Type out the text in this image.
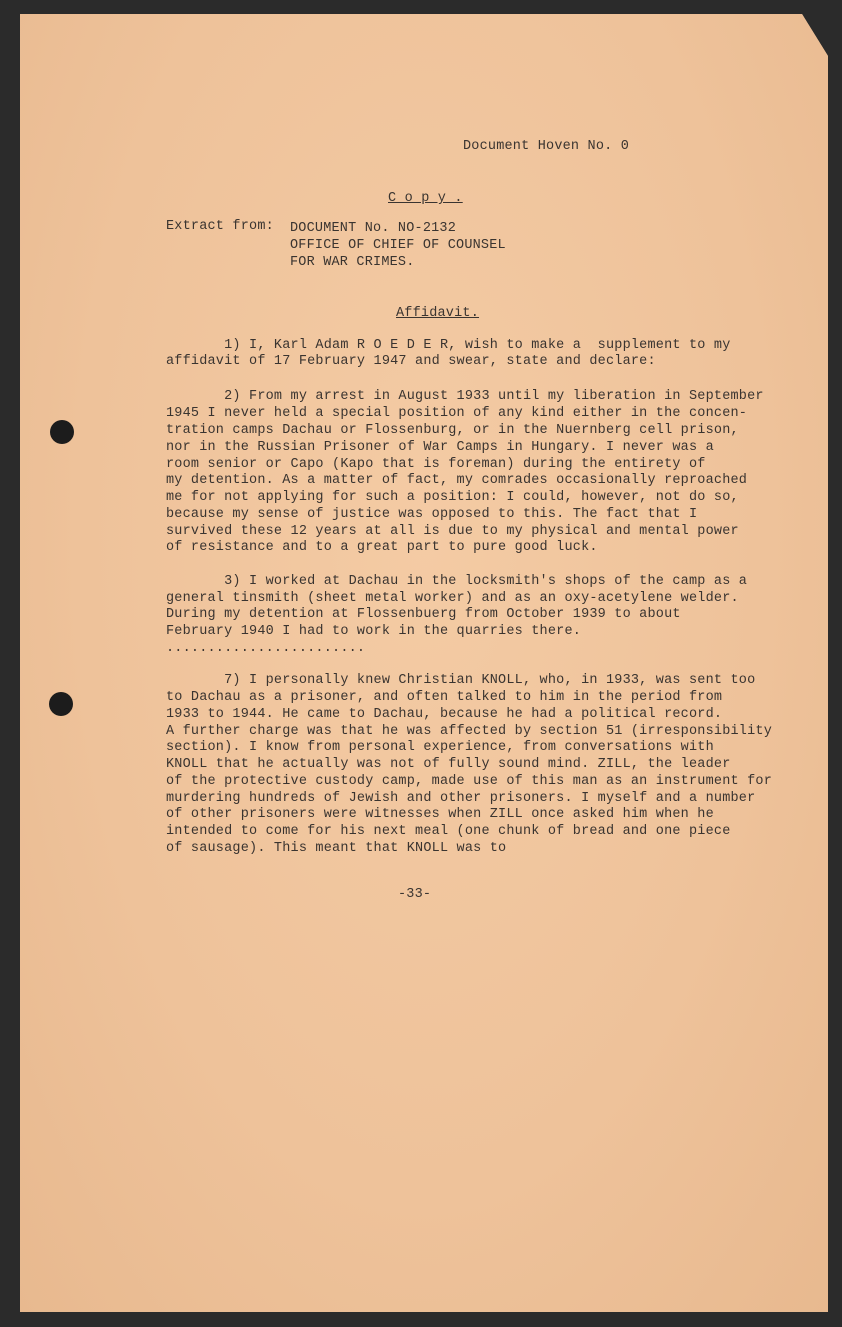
Document Hoven No. 0
C o p y .
Extract from: DOCUMENT No. NO-2132
OFFICE OF CHIEF OF COUNSEL
FOR WAR CRIMES.
Affidavit.
1) I, Karl Adam R O E D E R, wish to make a  supplement to my
affidavit of 17 February 1947 and swear, state and declare:
2) From my arrest in August 1933 until my liberation in September
1945 I never held a special position of any kind either in the concen-
tration camps Dachau or Flossenburg, or in the Nuernberg cell prison,
nor in the Russian Prisoner of War Camps in Hungary. I never was a
room senior or Capo (Kapo that is foreman) during the entirety of
my detention. As a matter of fact, my comrades occasionally reproached
me for not applying for such a position: I could, however, not do so,
because my sense of justice was opposed to this. The fact that I
survived these 12 years at all is due to my physical and mental power
of resistance and to a great part to pure good luck.
3) I worked at Dachau in the locksmith's shops of the camp as a
general tinsmith (sheet metal worker) and as an oxy-acetylene welder.
During my detention at Flossenbuerg from October 1939 to about
February 1940 I had to work in the quarries there.
........................
7) I personally knew Christian KNOLL, who, in 1933, was sent too
to Dachau as a prisoner, and often talked to him in the period from
1933 to 1944. He came to Dachau, because he had a political record.
A further charge was that he was affected by section 51 (irresponsibility
section). I know from personal experience, from conversations with
KNOLL that he actually was not of fully sound mind. ZILL, the leader
of the protective custody camp, made use of this man as an instrument for
murdering hundreds of Jewish and other prisoners. I myself and a number
of other prisoners were witnesses when ZILL once asked him when he
intended to come for his next meal (one chunk of bread and one piece
of sausage). This meant that KNOLL was to
-33-
